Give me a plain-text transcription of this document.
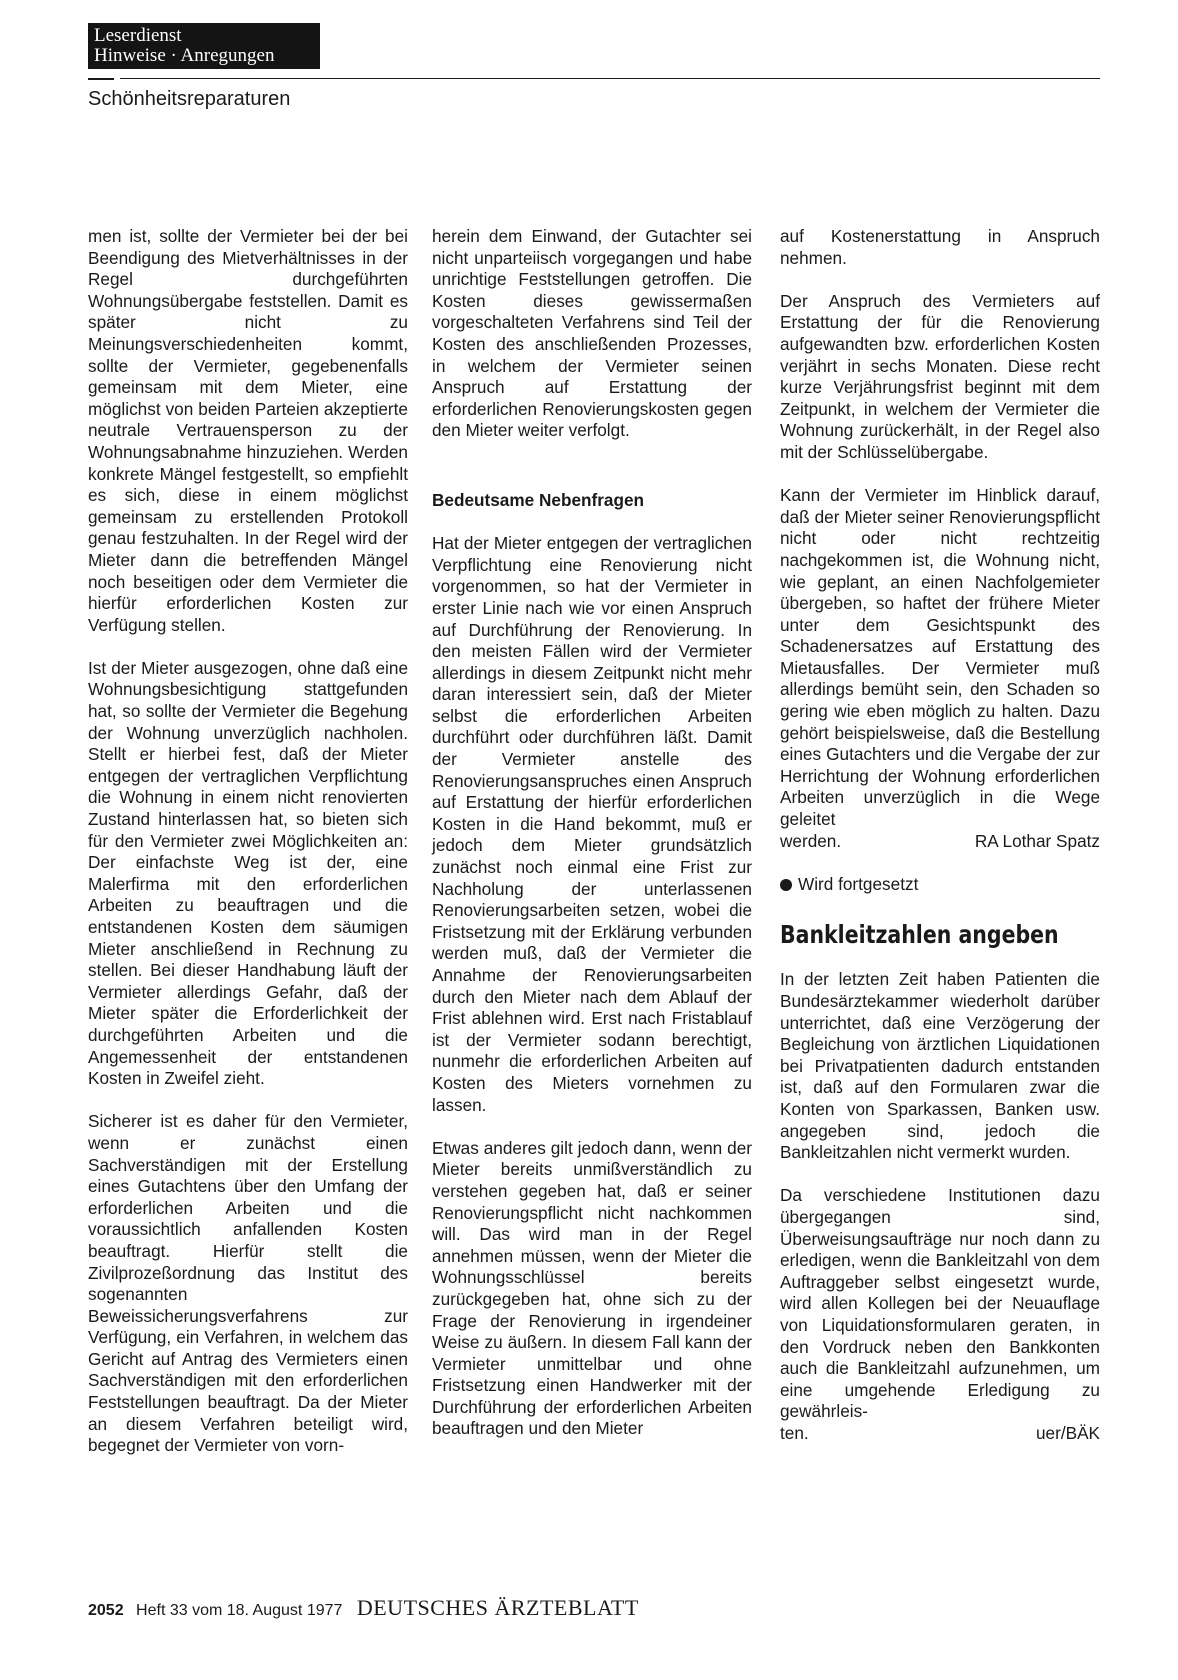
Leserdienst
Hinweise · Anregungen
Schönheitsreparaturen

men ist, sollte der Vermieter bei der bei Beendigung des Mietverhältnisses in der Regel durchgeführten Wohnungsübergabe feststellen. Damit es später nicht zu Meinungsverschiedenheiten kommt, sollte der Vermieter, gegebenenfalls gemeinsam mit dem Mieter, eine möglichst von beiden Parteien akzeptierte neutrale Vertrauensperson zu der Wohnungsabnahme hinzuziehen. Werden konkrete Mängel festgestellt, so empfiehlt es sich, diese in einem möglichst gemeinsam zu erstellenden Protokoll genau festzuhalten. In der Regel wird der Mieter dann die betreffenden Mängel noch beseitigen oder dem Vermieter die hierfür erforderlichen Kosten zur Verfügung stellen.

Ist der Mieter ausgezogen, ohne daß eine Wohnungsbesichtigung stattgefunden hat, so sollte der Vermieter die Begehung der Wohnung unverzüglich nachholen. Stellt er hierbei fest, daß der Mieter entgegen der vertraglichen Verpflichtung die Wohnung in einem nicht renovierten Zustand hinterlassen hat, so bieten sich für den Vermieter zwei Möglichkeiten an: Der einfachste Weg ist der, eine Malerfirma mit den erforderlichen Arbeiten zu beauftragen und die entstandenen Kosten dem säumigen Mieter anschließend in Rechnung zu stellen. Bei dieser Handhabung läuft der Vermieter allerdings Gefahr, daß der Mieter später die Erforderlichkeit der durchgeführten Arbeiten und die Angemessenheit der entstandenen Kosten in Zweifel zieht.

Sicherer ist es daher für den Vermieter, wenn er zunächst einen Sachverständigen mit der Erstellung eines Gutachtens über den Umfang der erforderlichen Arbeiten und die voraussichtlich anfallenden Kosten beauftragt. Hierfür stellt die Zivilprozeßordnung das Institut des sogenannten Beweissicherungsverfahrens zur Verfügung, ein Verfahren, in welchem das Gericht auf Antrag des Vermieters einen Sachverständigen mit den erforderlichen Feststellungen beauftragt. Da der Mieter an diesem Verfahren beteiligt wird, begegnet der Vermieter von vorn-

herein dem Einwand, der Gutachter sei nicht unparteiisch vorgegangen und habe unrichtige Feststellungen getroffen. Die Kosten dieses gewissermaßen vorgeschalteten Verfahrens sind Teil der Kosten des anschließenden Prozesses, in welchem der Vermieter seinen Anspruch auf Erstattung der erforderlichen Renovierungskosten gegen den Mieter weiter verfolgt.

Bedeutsame Nebenfragen

Hat der Mieter entgegen der vertraglichen Verpflichtung eine Renovierung nicht vorgenommen, so hat der Vermieter in erster Linie nach wie vor einen Anspruch auf Durchführung der Renovierung. In den meisten Fällen wird der Vermieter allerdings in diesem Zeitpunkt nicht mehr daran interessiert sein, daß der Mieter selbst die erforderlichen Arbeiten durchführt oder durchführen läßt. Damit der Vermieter anstelle des Renovierungsanspruches einen Anspruch auf Erstattung der hierfür erforderlichen Kosten in die Hand bekommt, muß er jedoch dem Mieter grundsätzlich zunächst noch einmal eine Frist zur Nachholung der unterlassenen Renovierungsarbeiten setzen, wobei die Fristsetzung mit der Erklärung verbunden werden muß, daß der Vermieter die Annahme der Renovierungsarbeiten durch den Mieter nach dem Ablauf der Frist ablehnen wird. Erst nach Fristablauf ist der Vermieter sodann berechtigt, nunmehr die erforderlichen Arbeiten auf Kosten des Mieters vornehmen zu lassen.

Etwas anderes gilt jedoch dann, wenn der Mieter bereits unmißverständlich zu verstehen gegeben hat, daß er seiner Renovierungspflicht nicht nachkommen will. Das wird man in der Regel annehmen müssen, wenn der Mieter die Wohnungsschlüssel bereits zurückgegeben hat, ohne sich zu der Frage der Renovierung in irgendeiner Weise zu äußern. In diesem Fall kann der Vermieter unmittelbar und ohne Fristsetzung einen Handwerker mit der Durchführung der erforderlichen Arbeiten beauftragen und den Mieter

auf Kostenerstattung in Anspruch nehmen.

Der Anspruch des Vermieters auf Erstattung der für die Renovierung aufgewandten bzw. erforderlichen Kosten verjährt in sechs Monaten. Diese recht kurze Verjährungsfrist beginnt mit dem Zeitpunkt, in welchem der Vermieter die Wohnung zurückerhält, in der Regel also mit der Schlüsselübergabe.

Kann der Vermieter im Hinblick darauf, daß der Mieter seiner Renovierungspflicht nicht oder nicht rechtzeitig nachgekommen ist, die Wohnung nicht, wie geplant, an einen Nachfolgemieter übergeben, so haftet der frühere Mieter unter dem Gesichtspunkt des Schadenersatzes auf Erstattung des Mietausfalles. Der Vermieter muß allerdings bemüht sein, den Schaden so gering wie eben möglich zu halten. Dazu gehört beispielsweise, daß die Bestellung eines Gutachters und die Vergabe der zur Herrichtung der Wohnung erforderlichen Arbeiten unverzüglich in die Wege geleitet

werden.	RA Lothar Spatz

Wird fortgesetzt

Bankleitzahlen angeben

In der letzten Zeit haben Patienten die Bundesärztekammer wiederholt darüber unterrichtet, daß eine Verzögerung der Begleichung von ärztlichen Liquidationen bei Privatpatienten dadurch entstanden ist, daß auf den Formularen zwar die Konten von Sparkassen, Banken usw. angegeben sind, jedoch die Bankleitzahlen nicht vermerkt wurden.

Da verschiedene Institutionen dazu übergegangen sind, Überweisungsaufträge nur noch dann zu erledigen, wenn die Bankleitzahl von dem Auftraggeber selbst eingesetzt wurde, wird allen Kollegen bei der Neuauflage von Liquidationsformularen geraten, in den Vordruck neben den Bankkonten auch die Bankleitzahl aufzunehmen, um eine umgehende Erledigung zu gewährleis-

ten.	uer/BÄK
2052 Heft 33 vom 18. August 1977 DEUTSCHES ÄRZTEBLATT
